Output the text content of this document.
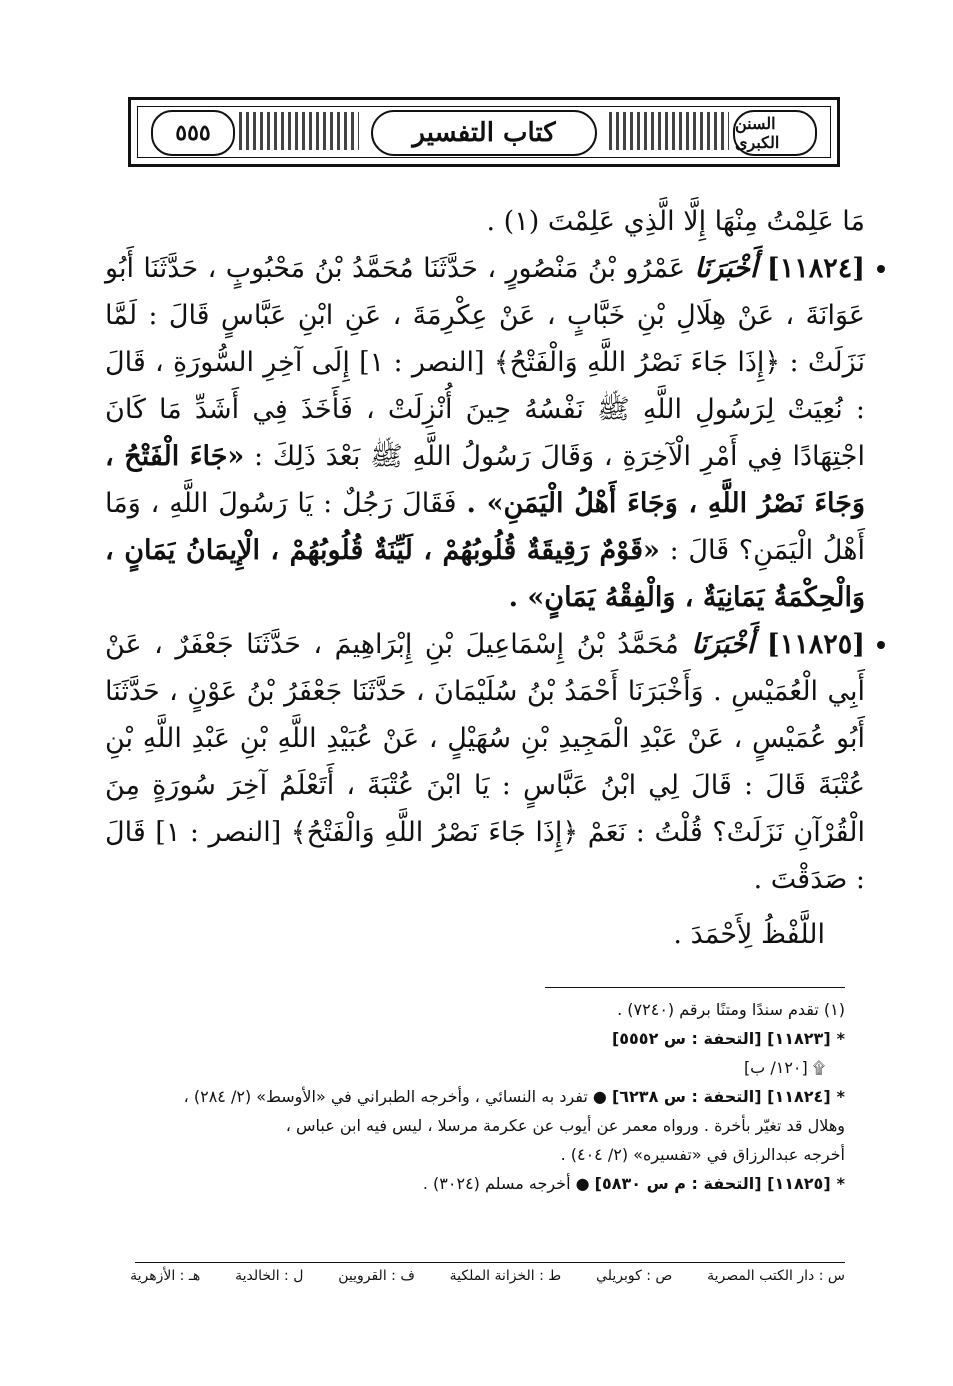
٥٥٥	كتاب التفسير	السنن الكبرى

مَا عَلِمْتُ مِنْهَا إِلَّا الَّذِي عَلِمْتَ (١) .

[١١٨٢٤] أَخْبَرَنَا عَمْرُو بْنُ مَنْصُورٍ ، حَدَّثَنَا مُحَمَّدُ بْنُ مَحْبُوبٍ ، حَدَّثَنَا أَبُو عَوَانَةَ ، عَنْ هِلَالِ بْنِ خَبَّابٍ ، عَنْ عِكْرِمَةَ ، عَنِ ابْنِ عَبَّاسٍ قَالَ : لَمَّا نَزَلَتْ : ﴿إِذَا جَاءَ نَصْرُ اللَّهِ وَالْفَتْحُ﴾ [النصر : ١] إِلَى آخِرِ السُّورَةِ ، قَالَ : نُعِيَتْ لِرَسُولِ اللَّهِ ﷺ نَفْسُهُ حِينَ أُنْزِلَتْ ، فَأَخَذَ فِي أَشَدِّ مَا كَانَ اجْتِهَادًا فِي أَمْرِ الْآخِرَةِ ، وَقَالَ رَسُولُ اللَّهِ ﷺ بَعْدَ ذَلِكَ : «جَاءَ الْفَتْحُ ، وَجَاءَ نَصْرُ اللَّهِ ، وَجَاءَ أَهْلُ الْيَمَنِ» . فَقَالَ رَجُلٌ : يَا رَسُولَ اللَّهِ ، وَمَا أَهْلُ الْيَمَنِ؟ قَالَ : «قَوْمٌ رَقِيقَةٌ قُلُوبُهُمْ ، لَيِّنَةٌ قُلُوبُهُمْ ، الْإِيمَانُ يَمَانٍ ، وَالْحِكْمَةُ يَمَانِيَةٌ ، وَالْفِقْهُ يَمَانٍ» .
[١١٨٢٥] أَخْبَرَنَا مُحَمَّدُ بْنُ إِسْمَاعِيلَ بْنِ إِبْرَاهِيمَ ، حَدَّثَنَا جَعْفَرٌ ، عَنْ أَبِي الْعُمَيْسِ . وَأَخْبَرَنَا أَحْمَدُ بْنُ سُلَيْمَانَ ، حَدَّثَنَا جَعْفَرُ بْنُ عَوْنٍ ، حَدَّثَنَا أَبُو عُمَيْسٍ ، عَنْ عَبْدِ الْمَجِيدِ بْنِ سُهَيْلٍ ، عَنْ عُبَيْدِ اللَّهِ بْنِ عَبْدِ اللَّهِ بْنِ عُتْبَةَ قَالَ : قَالَ لِي ابْنُ عَبَّاسٍ : يَا ابْنَ عُتْبَةَ ، أَتَعْلَمُ آخِرَ سُورَةٍ مِنَ الْقُرْآنِ نَزَلَتْ؟ قُلْتُ : نَعَمْ ﴿إِذَا جَاءَ نَصْرُ اللَّهِ وَالْفَتْحُ﴾ [النصر : ١] قَالَ : صَدَقْتَ .

اللَّفْظُ لِأَحْمَدَ .

(١) تقدم سندًا ومتنًا برقم (٧٢٤٠) .

*[١١٨٢٣] [التحفة : س ٥٥٥٢]

۩ [١٢٠/ ب]

*[١١٨٢٤] [التحفة : س ٦٢٣٨] ● تفرد به النسائي ، وأخرجه الطبراني في «الأوسط» (٢/ ٢٨٤) ،

وهلال قد تغيّر بأخرة . ورواه معمر عن أيوب عن عكرمة مرسلا ، ليس فيه ابن عباس ،

أخرجه عبدالرزاق في «تفسيره» (٢/ ٤٠٤) .

*[١١٨٢٥] [التحفة : م س ٥٨٣٠] ● أخرجه مسلم (٣٠٢٤) .

س : دار الكتب المصرية
ص : كوبريلي
ط : الخزانة الملكية
ف : القرويين
ل : الخالدية
هـ : الأزهرية
